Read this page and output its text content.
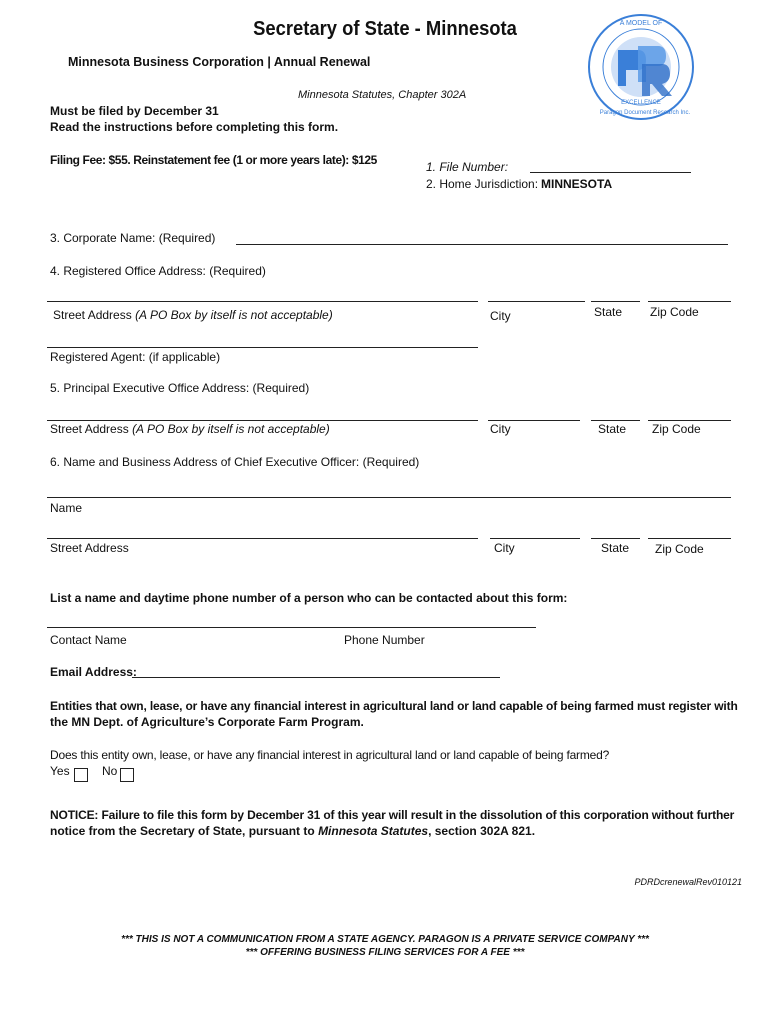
Secretary of State - Minnesota
Minnesota Business Corporation | Annual Renewal
Minnesota Statutes, Chapter 302A
Must be filed by December 31
Read the instructions before completing this form.
Filing Fee: $55. Reinstatement fee (1 or more years late): $125
A MODEL OF
EXCELLENCE
Paragon Document Research Inc.
1. File Number:
2. Home Jurisdiction: MINNESOTA
3. Corporate Name: (Required)
4. Registered Office Address: (Required)
Street Address (A PO Box by itself is not acceptable)	City	State Zip Code
Registered Agent: (if applicable)
5. Principal Executive Office Address: (Required)
Street Address (A PO Box by itself is not acceptable)	City	State Zip Code
6. Name and Business Address of Chief Executive Officer: (Required)
Name
Street Address	City	State Zip Code
List a name and daytime phone number of a person who can be contacted about this form:
Contact Name	Phone Number
Email Address:
Entities that own, lease, or have any financial interest in agricultural land or land capable of being farmed must register with
the MN Dept. of Agriculture’s Corporate Farm Program.
Does this entity own, lease, or have any financial interest in agricultural land or land capable of being farmed?
Yes	No
NOTICE: Failure to file this form by December 31 of this year will result in the dissolution of this corporation without further
notice from the Secretary of State, pursuant to Minnesota Statutes, section 302A 821.
PDRDcrenewalRev010121
*** THIS IS NOT A COMMUNICATION FROM A STATE AGENCY. PARAGON IS A PRIVATE SERVICE COMPANY ***
*** OFFERING BUSINESS FILING SERVICES FOR A FEE ***
